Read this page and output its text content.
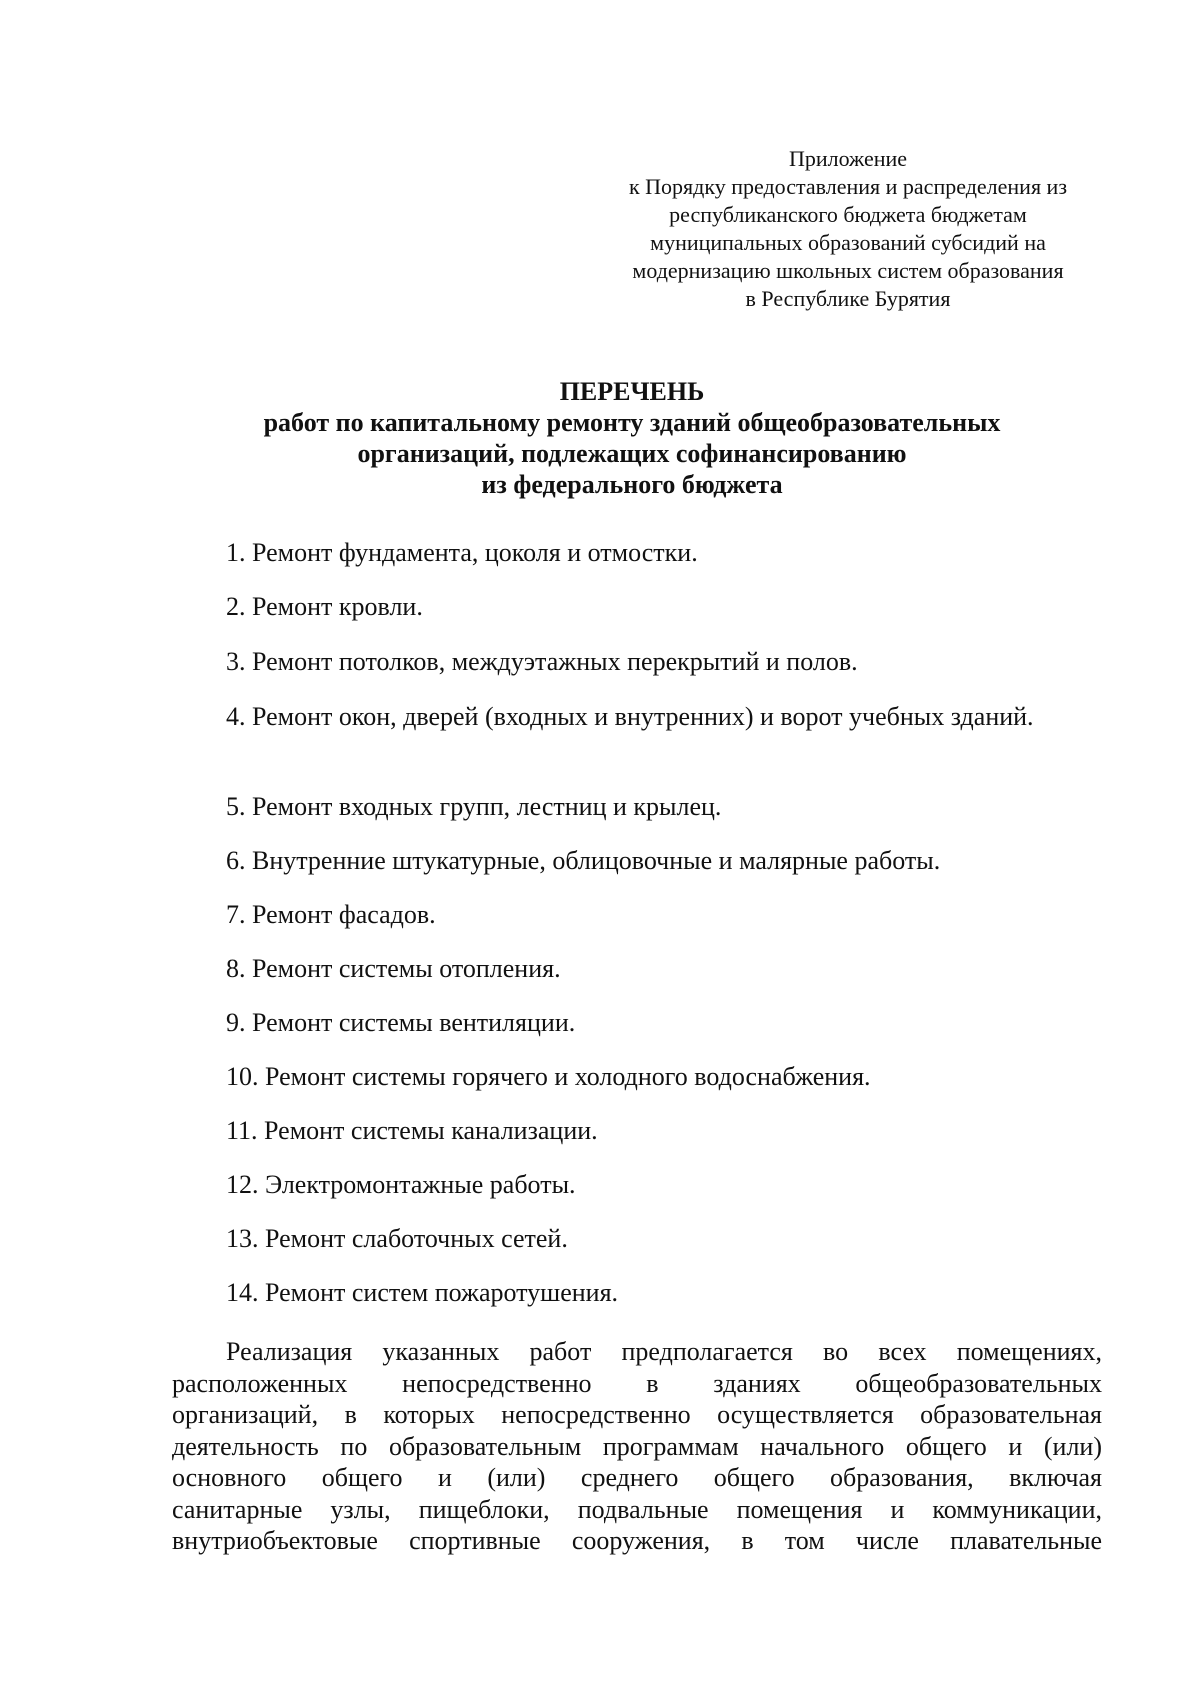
Приложение
к Порядку предоставления и распределения из
республиканского бюджета бюджетам
муниципальных образований субсидий на
модернизацию школьных систем образования
в Республике Бурятия
ПЕРЕЧЕНЬ
работ по капитальному ремонту зданий общеобразовательных
организаций, подлежащих софинансированию
из федерального бюджета
1. Ремонт фундамента, цоколя и отмостки.
2. Ремонт кровли.
3. Ремонт потолков, междуэтажных перекрытий и полов.
4. Ремонт окон, дверей (входных и внутренних) и ворот учебных зданий.
5. Ремонт входных групп, лестниц и крылец.
6. Внутренние штукатурные, облицовочные и малярные работы.
7. Ремонт фасадов.
8. Ремонт системы отопления.
9. Ремонт системы вентиляции.
10. Ремонт системы горячего и холодного водоснабжения.
11. Ремонт системы канализации.
12. Электромонтажные работы.
13. Ремонт слаботочных сетей.
14. Ремонт систем пожаротушения.
Реализация указанных работ предполагается во всех помещениях,
расположенных непосредственно в зданиях общеобразовательных
организаций, в которых непосредственно осуществляется образовательная
деятельность по образовательным программам начального общего и (или)
основного общего и (или) среднего общего образования, включая
санитарные узлы, пищеблоки, подвальные помещения и коммуникации,
внутриобъектовые спортивные сооружения, в том числе плавательные
